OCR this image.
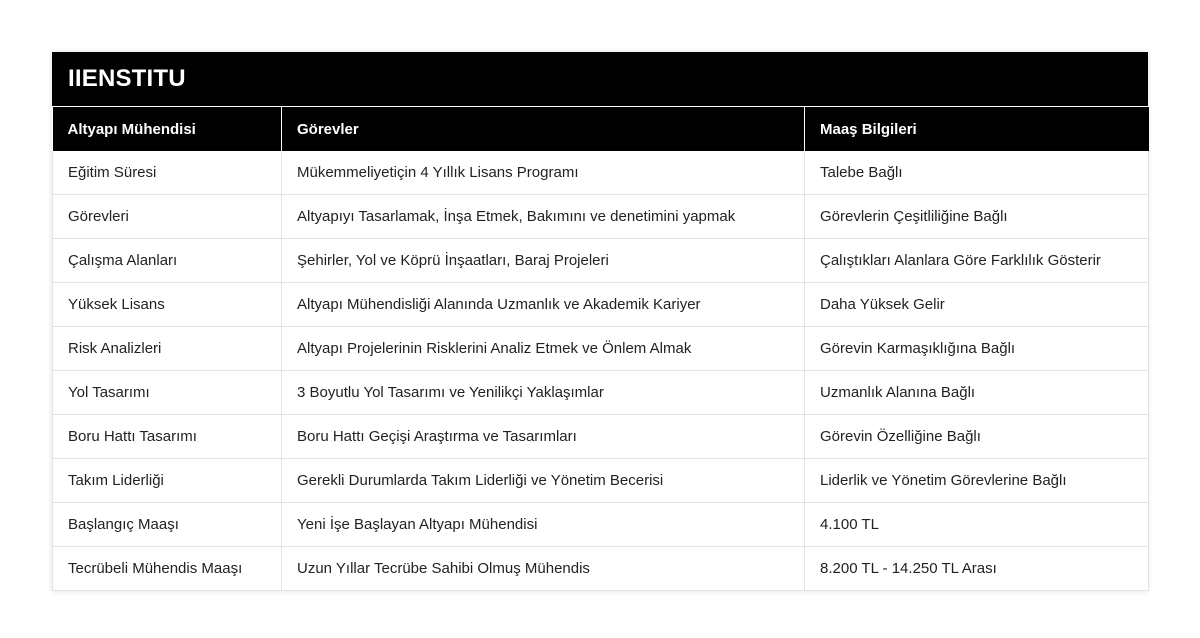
IIENSTITU
Altyapı Mühendisi	Görevler	Maaş Bilgileri
Eğitim Süresi	Mükemmeliyetiçin 4 Yıllık Lisans Programı	Talebe Bağlı
Görevleri	Altyapıyı Tasarlamak, İnşa Etmek, Bakımını ve denetimini yapmak	Görevlerin Çeşitliliğine Bağlı
Çalışma Alanları	Şehirler, Yol ve Köprü İnşaatları, Baraj Projeleri	Çalıştıkları Alanlara Göre Farklılık Gösterir
Yüksek Lisans	Altyapı Mühendisliği Alanında Uzmanlık ve Akademik Kariyer	Daha Yüksek Gelir
Risk Analizleri	Altyapı Projelerinin Risklerini Analiz Etmek ve Önlem Almak	Görevin Karmaşıklığına Bağlı
Yol Tasarımı	3 Boyutlu Yol Tasarımı ve Yenilikçi Yaklaşımlar	Uzmanlık Alanına Bağlı
Boru Hattı Tasarımı	Boru Hattı Geçişi Araştırma ve Tasarımları	Görevin Özelliğine Bağlı
Takım Liderliği	Gerekli Durumlarda Takım Liderliği ve Yönetim Becerisi	Liderlik ve Yönetim Görevlerine Bağlı
Başlangıç Maaşı	Yeni İşe Başlayan Altyapı Mühendisi	4.100 TL
Tecrübeli Mühendis Maaşı	Uzun Yıllar Tecrübe Sahibi Olmuş Mühendis	8.200 TL - 14.250 TL Arası
